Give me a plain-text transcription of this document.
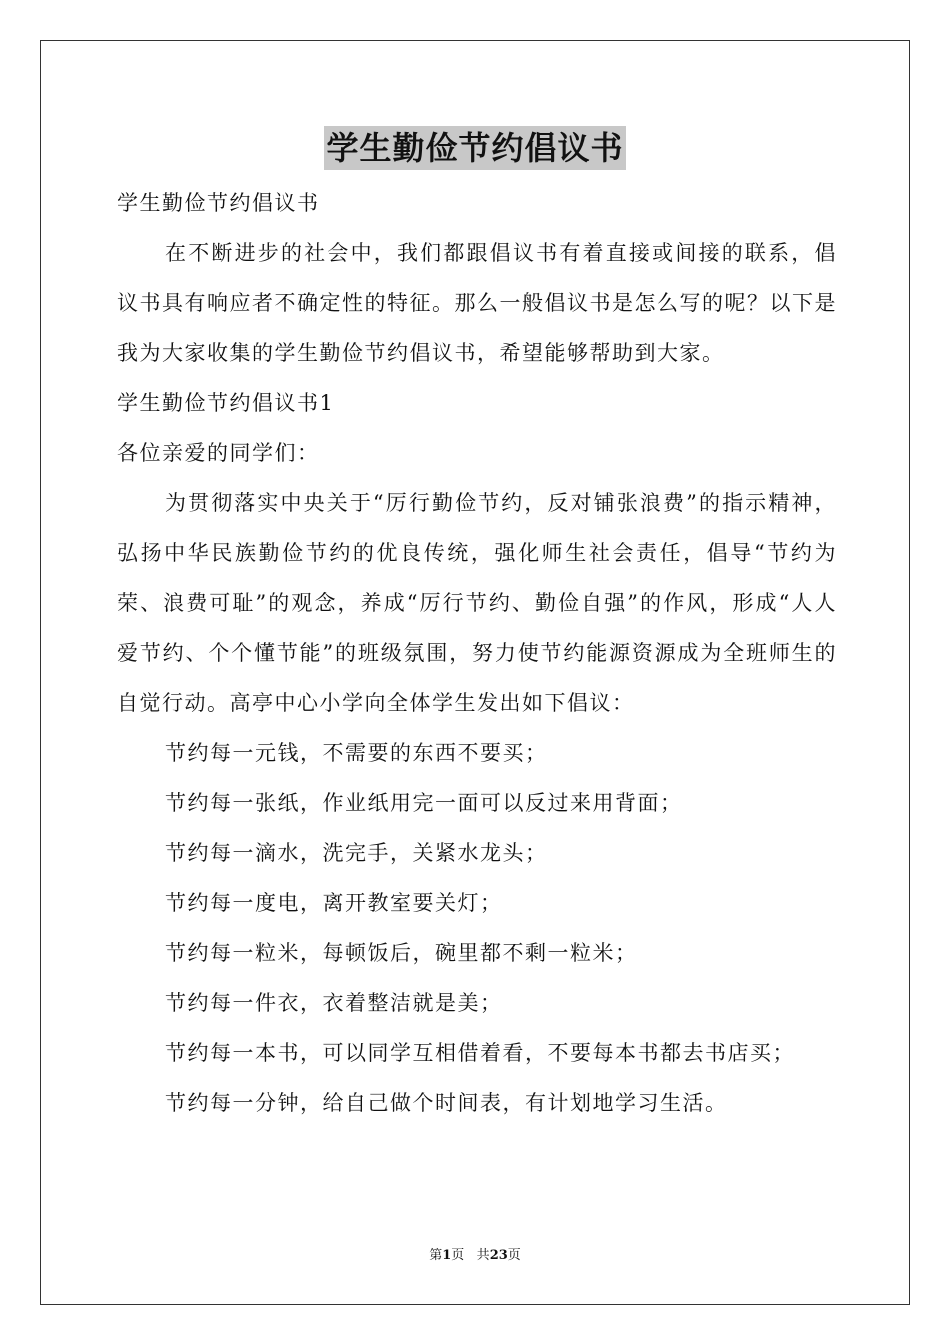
学生勤俭节约倡议书

学生勤俭节约倡议书

在不断进步的社会中，我们都跟倡议书有着直接或间接的联系，倡议书具有响应者不确定性的特征。那么一般倡议书是怎么写的呢？以下是我为大家收集的学生勤俭节约倡议书，希望能够帮助到大家。

学生勤俭节约倡议书1

各位亲爱的同学们：

为贯彻落实中央关于“厉行勤俭节约，反对铺张浪费”的指示精神，弘扬中华民族勤俭节约的优良传统，强化师生社会责任，倡导“节约为荣、浪费可耻”的观念，养成“厉行节约、勤俭自强”的作风，形成“人人爱节约、个个懂节能”的班级氛围，努力使节约能源资源成为全班师生的自觉行动。高亭中心小学向全体学生发出如下倡议：

节约每一元钱，不需要的东西不要买；

节约每一张纸，作业纸用完一面可以反过来用背面；

节约每一滴水，洗完手，关紧水龙头；

节约每一度电，离开教室要关灯；

节约每一粒米，每顿饭后，碗里都不剩一粒米；

节约每一件衣，衣着整洁就是美；

节约每一本书，可以同学互相借着看，不要每本书都去书店买；

节约每一分钟，给自己做个时间表，有计划地学习生活。

第1页 共23页
